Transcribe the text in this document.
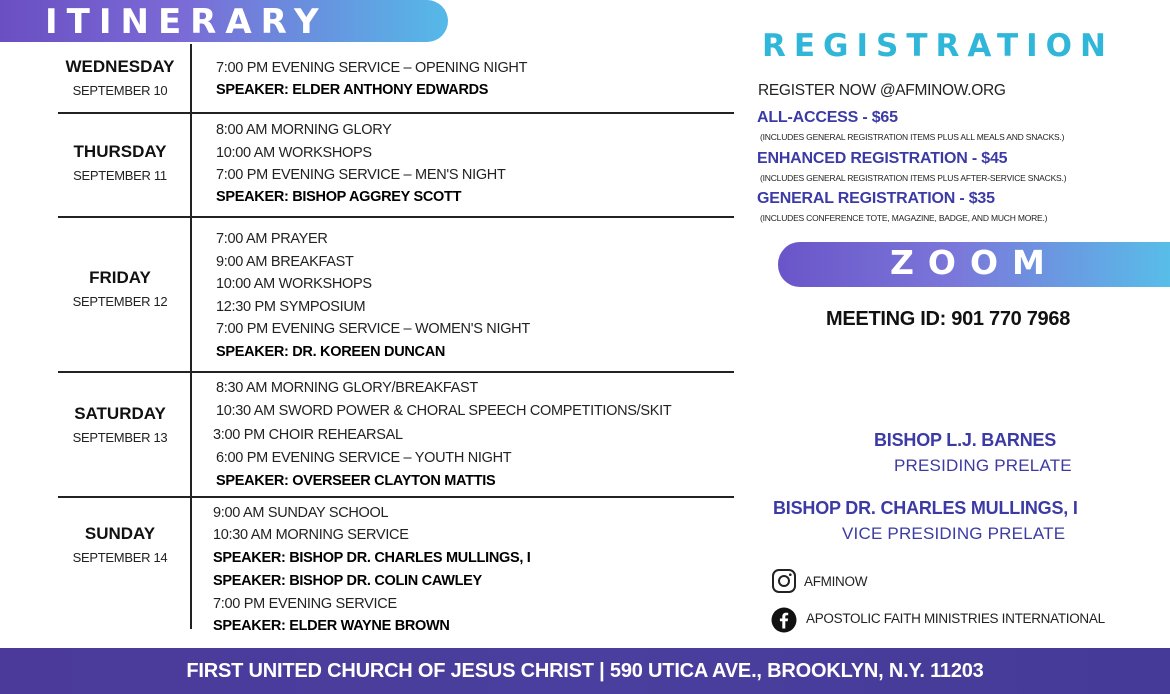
ITINERARY
WEDNESDAY
SEPTEMBER 10
7:00 PM EVENING SERVICE – OPENING NIGHT
SPEAKER: ELDER ANTHONY EDWARDS
THURSDAY
SEPTEMBER 11
8:00 AM MORNING GLORY
10:00 AM WORKSHOPS
7:00 PM EVENING SERVICE – MEN'S NIGHT
SPEAKER: BISHOP AGGREY SCOTT
FRIDAY
SEPTEMBER 12
7:00 AM PRAYER
9:00 AM BREAKFAST
10:00 AM WORKSHOPS
12:30 PM SYMPOSIUM
7:00 PM EVENING SERVICE – WOMEN'S NIGHT
SPEAKER: DR. KOREEN DUNCAN
SATURDAY
SEPTEMBER 13
8:30 AM MORNING GLORY/BREAKFAST
10:30 AM SWORD POWER & CHORAL SPEECH COMPETITIONS/SKIT
3:00 PM CHOIR REHEARSAL
6:00 PM EVENING SERVICE – YOUTH NIGHT
SPEAKER: OVERSEER CLAYTON MATTIS
SUNDAY
SEPTEMBER 14
9:00 AM SUNDAY SCHOOL
10:30 AM MORNING SERVICE
SPEAKER: BISHOP DR. CHARLES MULLINGS, I
SPEAKER: BISHOP DR. COLIN CAWLEY
7:00 PM EVENING SERVICE
SPEAKER: ELDER WAYNE BROWN
REGISTRATION
REGISTER NOW @AFMINOW.ORG
ALL-ACCESS - $65
(INCLUDES GENERAL REGISTRATION ITEMS PLUS ALL MEALS AND SNACKS.)
ENHANCED REGISTRATION - $45
(INCLUDES GENERAL REGISTRATION ITEMS PLUS AFTER-SERVICE SNACKS.)
GENERAL REGISTRATION - $35
(INCLUDES CONFERENCE TOTE, MAGAZINE, BADGE, AND MUCH MORE.)
ZOOM
MEETING ID: 901 770 7968
BISHOP L.J. BARNES
PRESIDING PRELATE
BISHOP DR. CHARLES MULLINGS, I
VICE PRESIDING PRELATE
AFMINOW
APOSTOLIC FAITH MINISTRIES INTERNATIONAL
FIRST UNITED CHURCH OF JESUS CHRIST | 590 UTICA AVE., BROOKLYN, N.Y. 11203
